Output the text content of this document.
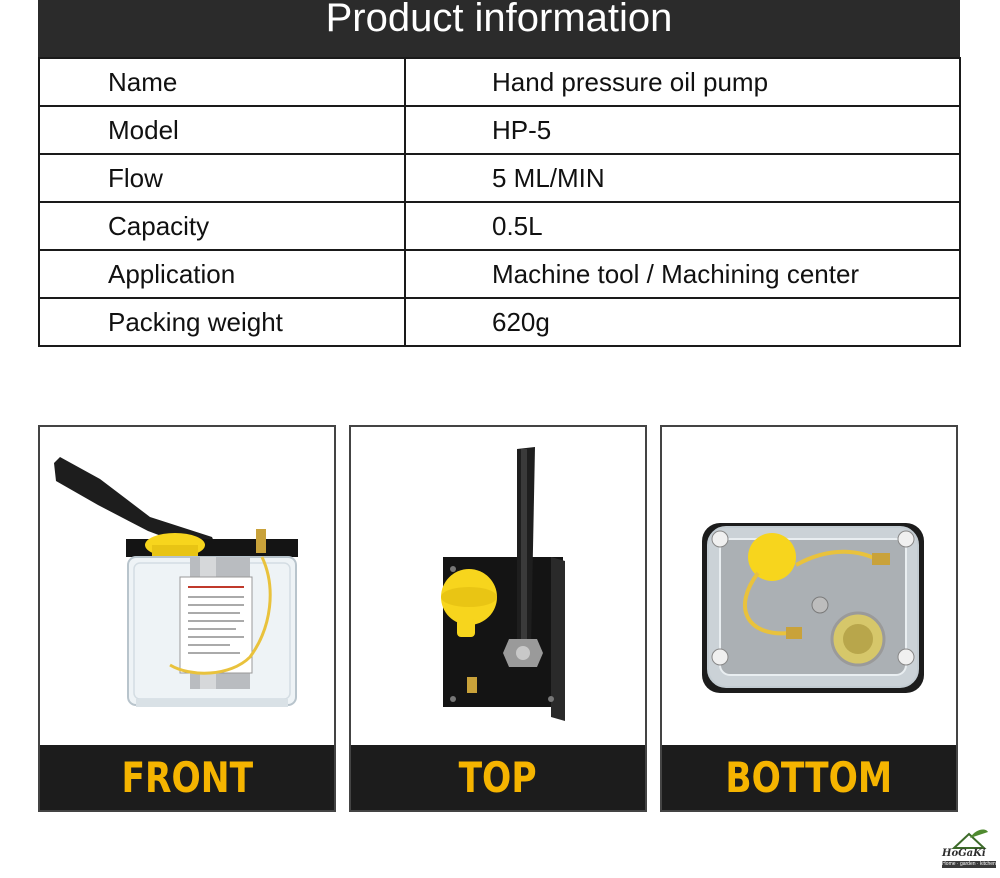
Product information
Name	Hand pressure oil pump
Model	HP-5
Flow	5 ML/MIN
Capacity	0.5L
Application	Machine tool / Machining center
Packing weight	620g
FRONT	TOP	BOTTOM
HoGaKi
Home · garden · kitchen
